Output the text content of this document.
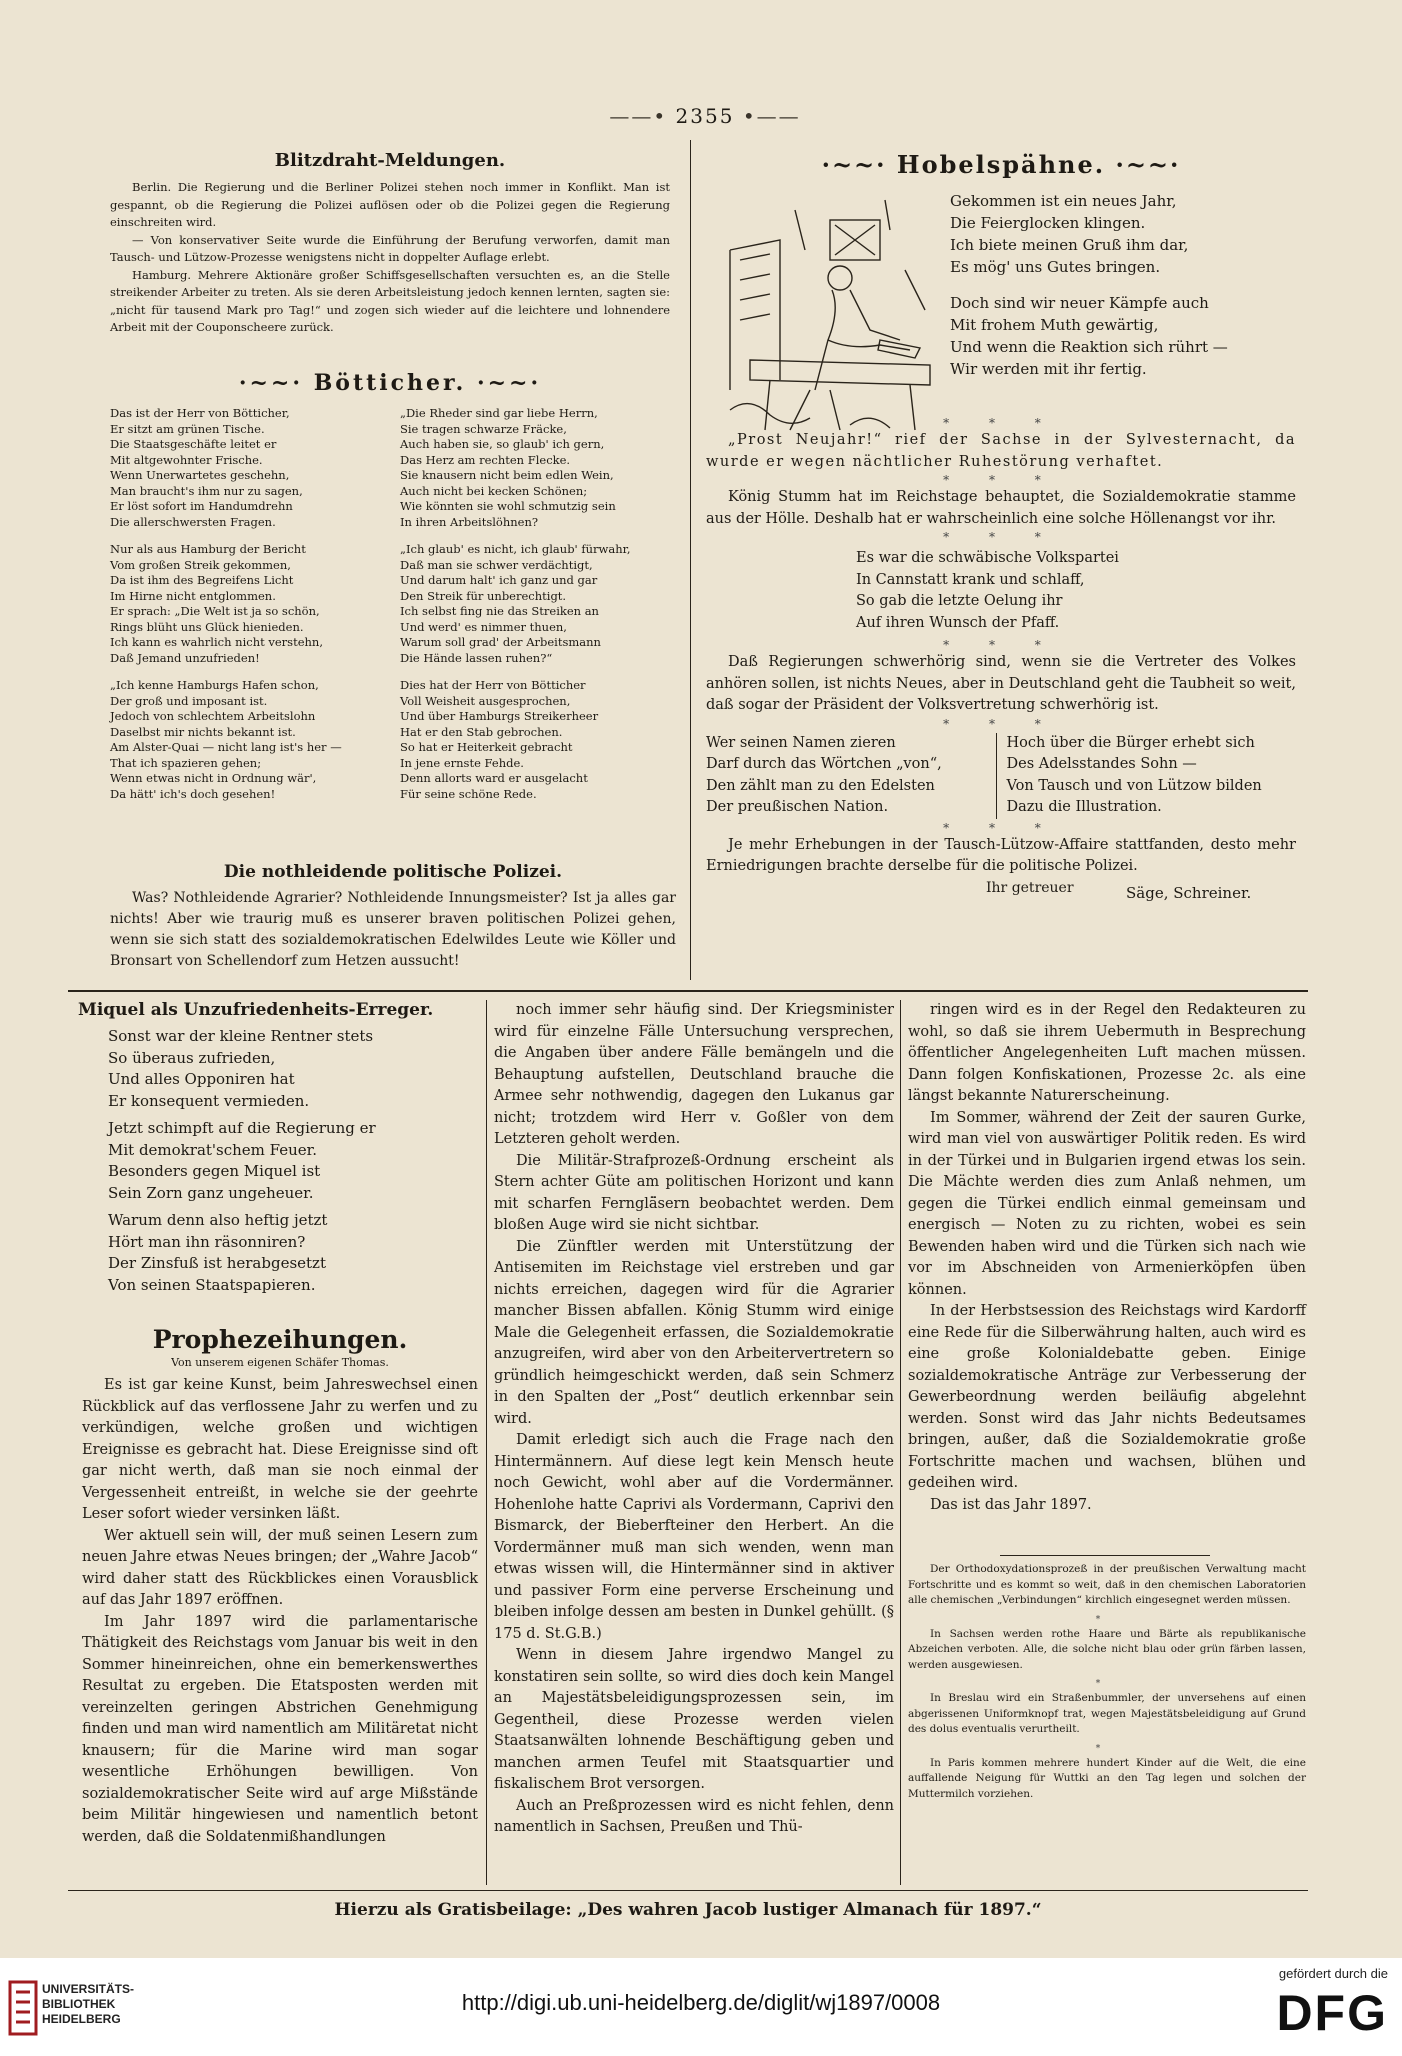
——• 2355 •——
Blitzdraht-Meldungen.

Berlin. Die Regierung und die Berliner Polizei stehen noch immer in Konflikt. Man ist gespannt, ob die Regierung die Polizei auflösen oder ob die Polizei gegen die Regierung einschreiten wird.

— Von konservativer Seite wurde die Einführung der Berufung verworfen, damit man Tausch- und Lützow-Prozesse wenigstens nicht in doppelter Auflage erlebt.

Hamburg. Mehrere Aktionäre großer Schiffsgesellschaften versuchten es, an die Stelle streikender Arbeiter zu treten. Als sie deren Arbeitsleistung jedoch kennen lernten, sagten sie: „nicht für tausend Mark pro Tag!“ und zogen sich wieder auf die leichtere und lohnendere Arbeit mit der Couponscheere zurück.

·~~· Bötticher. ·~~·
Das ist der Herr von Bötticher,
Er sitzt am grünen Tische.
Die Staatsgeschäfte leitet er
Mit altgewohnter Frische.
Wenn Unerwartetes geschehn,
Man braucht's ihm nur zu sagen,
Er löst sofort im Handumdrehn
Die allerschwersten Fragen.
Nur als aus Hamburg der Bericht
Vom großen Streik gekommen,
Da ist ihm des Begreifens Licht
Im Hirne nicht entglommen.
Er sprach: „Die Welt ist ja so schön,
Rings blüht uns Glück hienieden.
Ich kann es wahrlich nicht verstehn,
Daß Jemand unzufrieden!
„Ich kenne Hamburgs Hafen schon,
Der groß und imposant ist.
Jedoch von schlechtem Arbeitslohn
Daselbst mir nichts bekannt ist.
Am Alster-Quai — nicht lang ist's her —
That ich spazieren gehen;
Wenn etwas nicht in Ordnung wär',
Da hätt' ich's doch gesehen!
„Die Rheder sind gar liebe Herrn,
Sie tragen schwarze Fräcke,
Auch haben sie, so glaub' ich gern,
Das Herz am rechten Flecke.
Sie knausern nicht beim edlen Wein,
Auch nicht bei kecken Schönen;
Wie könnten sie wohl schmutzig sein
In ihren Arbeitslöhnen?
„Ich glaub' es nicht, ich glaub' fürwahr,
Daß man sie schwer verdächtigt,
Und darum halt' ich ganz und gar
Den Streik für unberechtigt.
Ich selbst fing nie das Streiken an
Und werd' es nimmer thuen,
Warum soll grad' der Arbeitsmann
Die Hände lassen ruhen?“
Dies hat der Herr von Bötticher
Voll Weisheit ausgesprochen,
Und über Hamburgs Streikerheer
Hat er den Stab gebrochen.
So hat er Heiterkeit gebracht
In jene ernste Fehde.
Denn allorts ward er ausgelacht
Für seine schöne Rede.
Die nothleidende politische Polizei.

Was? Nothleidende Agrarier? Nothleidende Innungsmeister? Ist ja alles gar nichts! Aber wie traurig muß es unserer braven politischen Polizei gehen, wenn sie sich statt des sozialdemokratischen Edelwildes Leute wie Köller und Bronsart von Schellendorf zum Hetzen aussucht!

·~~· Hobelspähne. ·~~·
Gekommen ist ein neues Jahr,
Die Feierglocken klingen.
Ich biete meinen Gruß ihm dar,
Es mög' uns Gutes bringen.
Doch sind wir neuer Kämpfe auch
Mit frohem Muth gewärtig,
Und wenn die Reaktion sich rührt —
Wir werden mit ihr fertig.
* * *

„Prost Neujahr!“ rief der Sachse in der Sylvesternacht, da wurde er wegen nächtlicher Ruhestörung verhaftet.

* * *

König Stumm hat im Reichstage behauptet, die Sozialdemokratie stamme aus der Hölle. Deshalb hat er wahrscheinlich eine solche Höllenangst vor ihr.

* * *
Es war die schwäbische Volkspartei
In Cannstatt krank und schlaff,
So gab die letzte Oelung ihr
Auf ihren Wunsch der Pfaff.
* * *

Daß Regierungen schwerhörig sind, wenn sie die Vertreter des Volkes anhören sollen, ist nichts Neues, aber in Deutschland geht die Taubheit so weit, daß sogar der Präsident der Volksvertretung schwerhörig ist.

* * *
Wer seinen Namen zieren
Darf durch das Wörtchen „von“,
Den zählt man zu den Edelsten
Der preußischen Nation.
Hoch über die Bürger erhebt sich
Des Adelsstandes Sohn —
Von Tausch und von Lützow bilden
Dazu die Illustration.
* * *

Je mehr Erhebungen in der Tausch-Lützow-Affaire stattfanden, desto mehr Erniedrigungen brachte derselbe für die politische Polizei.

Ihr getreuer	Säge, Schreiner.
Miquel als Unzufriedenheits-Erreger.
Sonst war der kleine Rentner stets
So überaus zufrieden,
Und alles Opponiren hat
Er konsequent vermieden.
Jetzt schimpft auf die Regierung er
Mit demokrat'schem Feuer.
Besonders gegen Miquel ist
Sein Zorn ganz ungeheuer.
Warum denn also heftig jetzt
Hört man ihn räsonniren?
Der Zinsfuß ist herabgesetzt
Von seinen Staatspapieren.
Prophezeihungen.
Von unserem eigenen Schäfer Thomas.

Es ist gar keine Kunst, beim Jahreswechsel einen Rückblick auf das verflossene Jahr zu werfen und zu verkündigen, welche großen und wichtigen Ereignisse es gebracht hat. Diese Ereignisse sind oft gar nicht werth, daß man sie noch einmal der Vergessenheit entreißt, in welche sie der geehrte Leser sofort wieder versinken läßt.

Wer aktuell sein will, der muß seinen Lesern zum neuen Jahre etwas Neues bringen; der „Wahre Jacob“ wird daher statt des Rückblickes einen Vorausblick auf das Jahr 1897 eröffnen.

Im Jahr 1897 wird die parlamentarische Thätigkeit des Reichstags vom Januar bis weit in den Sommer hineinreichen, ohne ein bemerkenswerthes Resultat zu ergeben. Die Etatsposten werden mit vereinzelten geringen Abstrichen Genehmigung finden und man wird namentlich am Militäretat nicht knausern; für die Marine wird man sogar wesentliche Erhöhungen bewilligen. Von sozialdemokratischer Seite wird auf arge Mißstände beim Militär hingewiesen und namentlich betont werden, daß die Soldatenmißhandlungen

noch immer sehr häufig sind. Der Kriegsminister wird für einzelne Fälle Untersuchung versprechen, die Angaben über andere Fälle bemängeln und die Behauptung aufstellen, Deutschland brauche die Armee sehr nothwendig, dagegen den Lukanus gar nicht; trotzdem wird Herr v. Goßler von dem Letzteren geholt werden.

Die Militär-Strafprozeß-Ordnung erscheint als Stern achter Güte am politischen Horizont und kann mit scharfen Fernglä̈sern beobachtet werden. Dem bloßen Auge wird sie nicht sichtbar.

Die Zünftler werden mit Unterstützung der Antisemiten im Reichstage viel erstreben und gar nichts erreichen, dagegen wird für die Agrarier mancher Bissen abfallen. König Stumm wird einige Male die Gelegenheit erfassen, die Sozialdemokratie anzugreifen, wird aber von den Arbeitervertretern so gründlich heimgeschickt werden, daß sein Schmerz in den Spalten der „Post“ deutlich erkennbar sein wird.

Damit erledigt sich auch die Frage nach den Hintermännern. Auf diese legt kein Mensch heute noch Gewicht, wohl aber auf die Vordermänner. Hohenlohe hatte Caprivi als Vordermann, Caprivi den Bismarck, der Bieberfteiner den Herbert. An die Vordermänner muß man sich wenden, wenn man etwas wissen will, die Hintermänner sind in aktiver und passiver Form eine perverse Erscheinung und bleiben infolge dessen am besten in Dunkel gehüllt. (§ 175 d. St.G.B.)

Wenn in diesem Jahre irgendwo Mangel zu konstatiren sein sollte, so wird dies doch kein Mangel an Majestätsbeleidigungsprozessen sein, im Gegentheil, diese Prozesse werden vielen Staatsanwälten lohnende Beschäftigung geben und manchen armen Teufel mit Staatsquartier und fiskalischem Brot versorgen.

Auch an Preßprozessen wird es nicht fehlen, denn namentlich in Sachsen, Preußen und Thü-

ringen wird es in der Regel den Redakteuren zu wohl, so daß sie ihrem Uebermuth in Besprechung öffentlicher Angelegenheiten Luft machen müssen. Dann folgen Konfiskationen, Prozesse 2c. als eine längst bekannte Naturerscheinung.

Im Sommer, während der Zeit der sauren Gurke, wird man viel von auswärtiger Politik reden. Es wird in der Türkei und in Bulgarien irgend etwas los sein. Die Mächte werden dies zum Anlaß nehmen, um gegen die Türkei endlich einmal gemeinsam und energisch — Noten zu zu richten, wobei es sein Bewenden haben wird und die Türken sich nach wie vor im Abschneiden von Armenierköpfen üben können.

In der Herbstsession des Reichstags wird Kardorff eine Rede für die Silberwährung halten, auch wird es eine große Kolonialdebatte geben. Einige sozialdemokratische Anträge zur Verbesserung der Gewerbeordnung werden beiläufig abgelehnt werden. Sonst wird das Jahr nichts Bedeutsames bringen, außer, daß die Sozialdemokratie große Fortschritte machen und wachsen, blühen und gedeihen wird.

Das ist das Jahr 1897.

Der Orthodoxydationsprozeß in der preußischen Verwaltung macht Fortschritte und es kommt so weit, daß in den chemischen Laboratorien alle chemischen „Verbindungen“ kirchlich eingesegnet werden müssen.

*

In Sachsen werden rothe Haare und Bärte als republikanische Abzeichen verboten. Alle, die solche nicht blau oder grün färben lassen, werden ausgewiesen.

*

In Breslau wird ein Straßenbummler, der unversehens auf einen abgerissenen Uniformknopf trat, wegen Majestätsbeleidigung auf Grund des dolus eventualis verurtheilt.

*

In Paris kommen mehrere hundert Kinder auf die Welt, die eine auffallende Neigung für Wuttki an den Tag legen und solchen der Muttermilch vorziehen.

Hierzu als Gratisbeilage: „Des wahren Jacob lustiger Almanach für 1897.“
UNIVERSITÄTS-
BIBLIOTHEK
HEIDELBERG
http://digi.ub.uni-heidelberg.de/diglit/wj1897/0008
gefördert durch die
DFG
